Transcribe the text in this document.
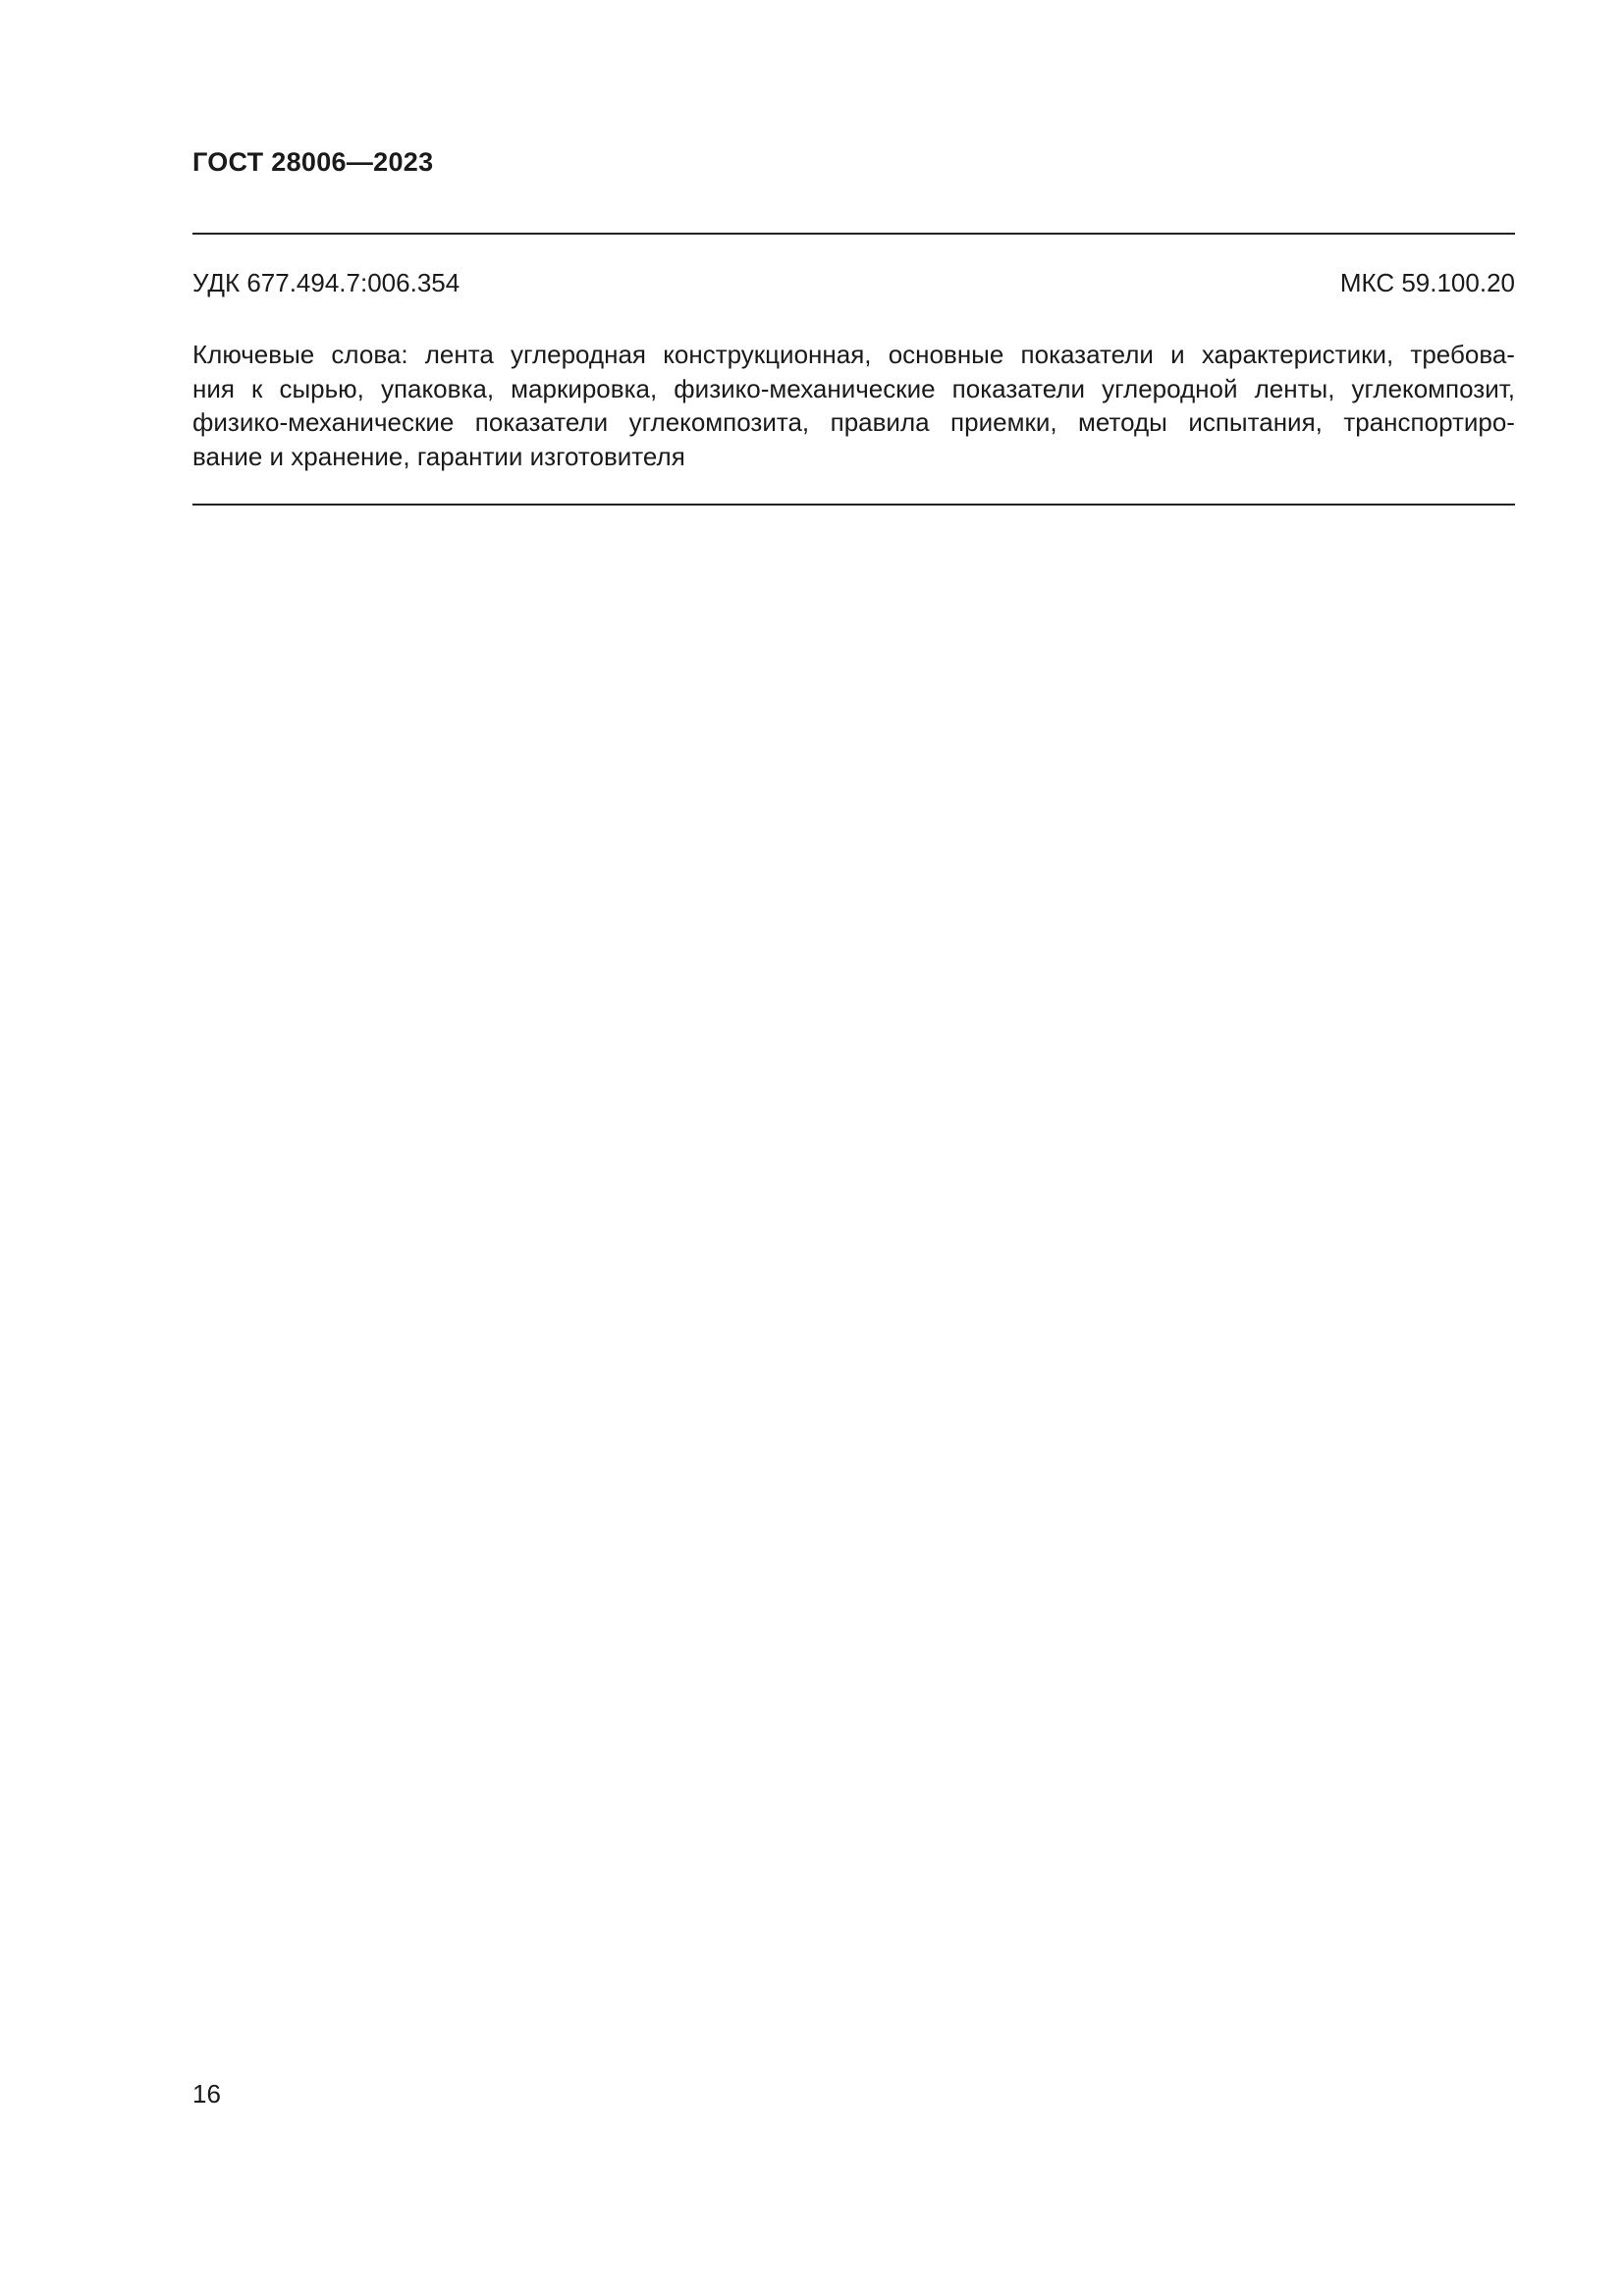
ГОСТ 28006—2023
УДК 677.494.7:006.354	МКС 59.100.20
Ключевые слова: лента углеродная конструкционная, основные показатели и характеристики, требова-
ния к сырью, упаковка, маркировка, физико-механические показатели углеродной ленты, углекомпозит,
физико-механические показатели углекомпозита, правила приемки, методы испытания, транспортиро-
вание и хранение, гарантии изготовителя
16
